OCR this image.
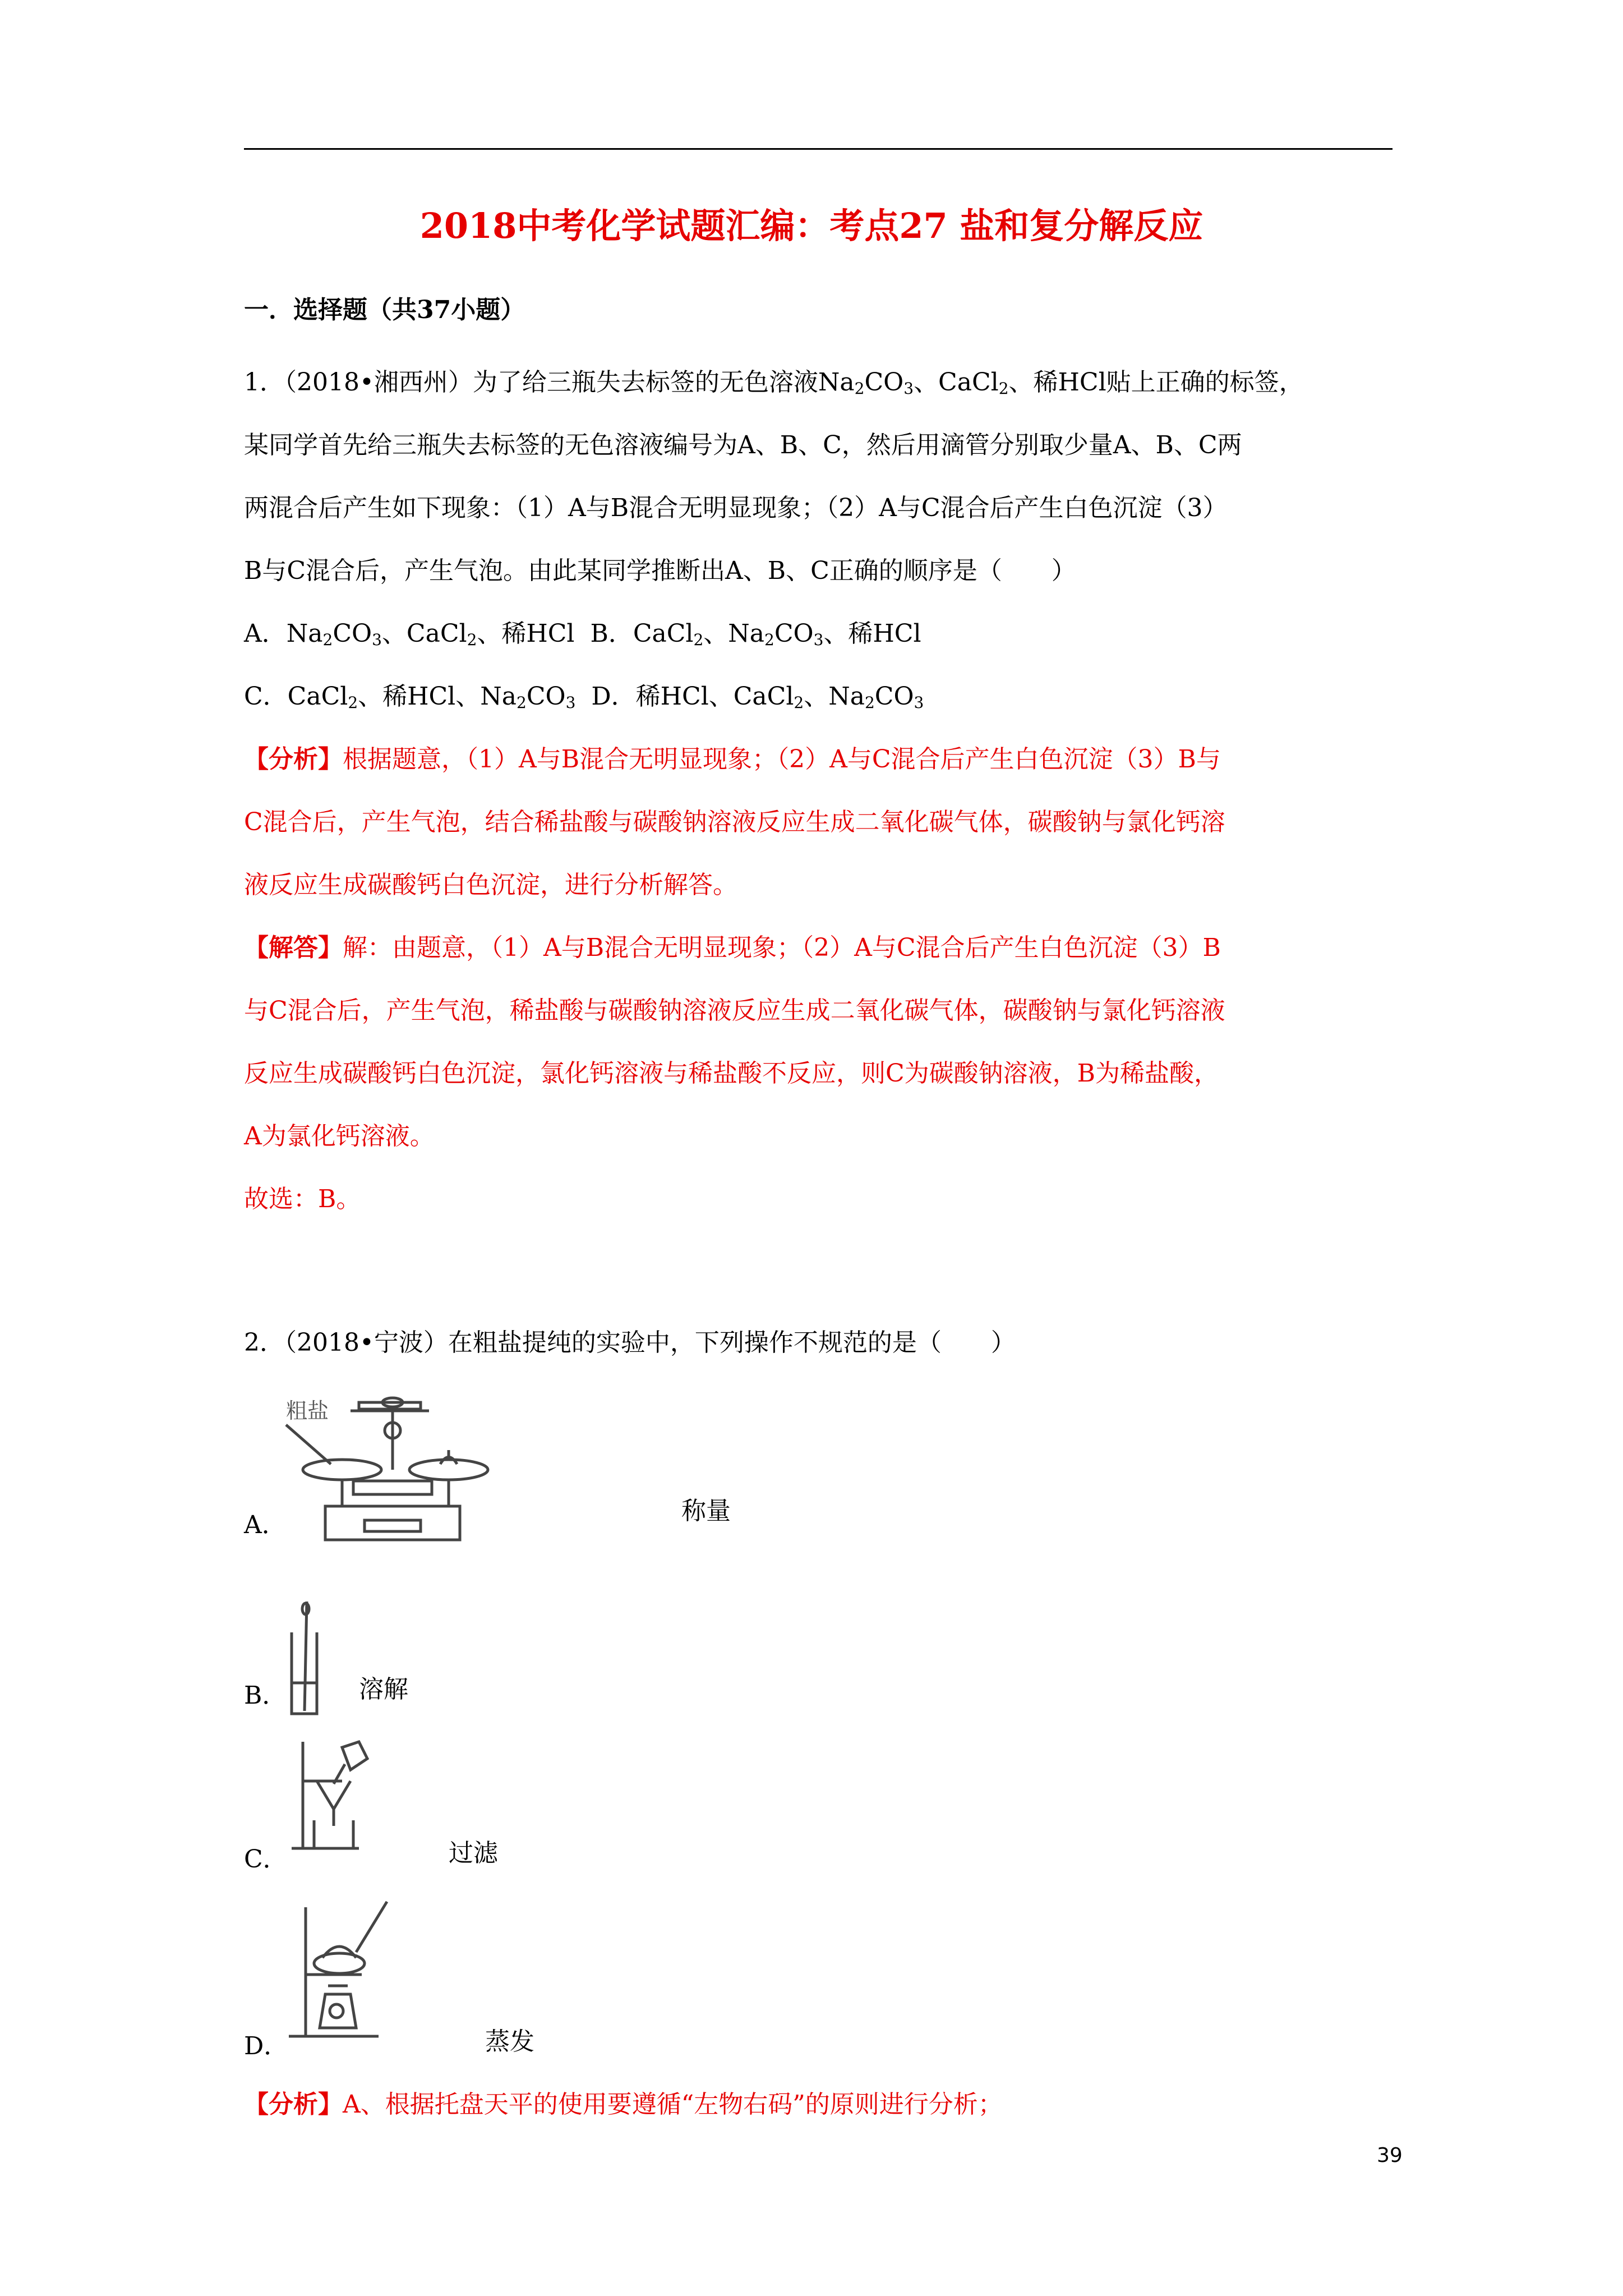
2018中考化学试题汇编：考点27 盐和复分解反应
一．选择题（共37小题）
1．（2018•湘西州）为了给三瓶失去标签的无色溶液$Na_2CO_3$、CaCl$_2$、稀HCl贴上正确的标签，
某同学首先给三瓶失去标签的无色溶液编号为A、B、C，然后用滴管分别取少量A、B、C两
两混合后产生如下现象：（1）A与B混合无明显现象；（2）A与C混合后产生白色沉淀（3）
B与C混合后，产生气泡。由此某同学推断出A、B、C正确的顺序是（　　）
A．$Na_2CO_3$、CaCl$_2$、稀HCl B．CaCl$_2$、$Na_2CO_3$、稀HCl
C．CaCl$_2$、稀HCl、$Na_2CO_3$ D．稀HCl、CaCl$_2$、$Na_2CO_3$
【分析】根据题意，（1）A与B混合无明显现象；（2）A与C混合后产生白色沉淀（3）B与
C混合后，产生气泡，结合稀盐酸与碳酸钠溶液反应生成二氧化碳气体，碳酸钠与氯化钙溶
液反应生成碳酸钙白色沉淀，进行分析解答。
【解答】解：由题意，（1）A与B混合无明显现象；（2）A与C混合后产生白色沉淀（3）B
与C混合后，产生气泡，稀盐酸与碳酸钠溶液反应生成二氧化碳气体，碳酸钠与氯化钙溶液
反应生成碳酸钙白色沉淀，氯化钙溶液与稀盐酸不反应，则C为碳酸钠溶液，B为稀盐酸，
A为氯化钙溶液。
故选：B。
2．（2018•宁波）在粗盐提纯的实验中，下列操作不规范的是（　　）
粗盐
A．	称量
B．	溶解
C．	过滤
D．	蒸发
【分析】A、根据托盘天平的使用要遵循“左物右码”的原则进行分析；
39
